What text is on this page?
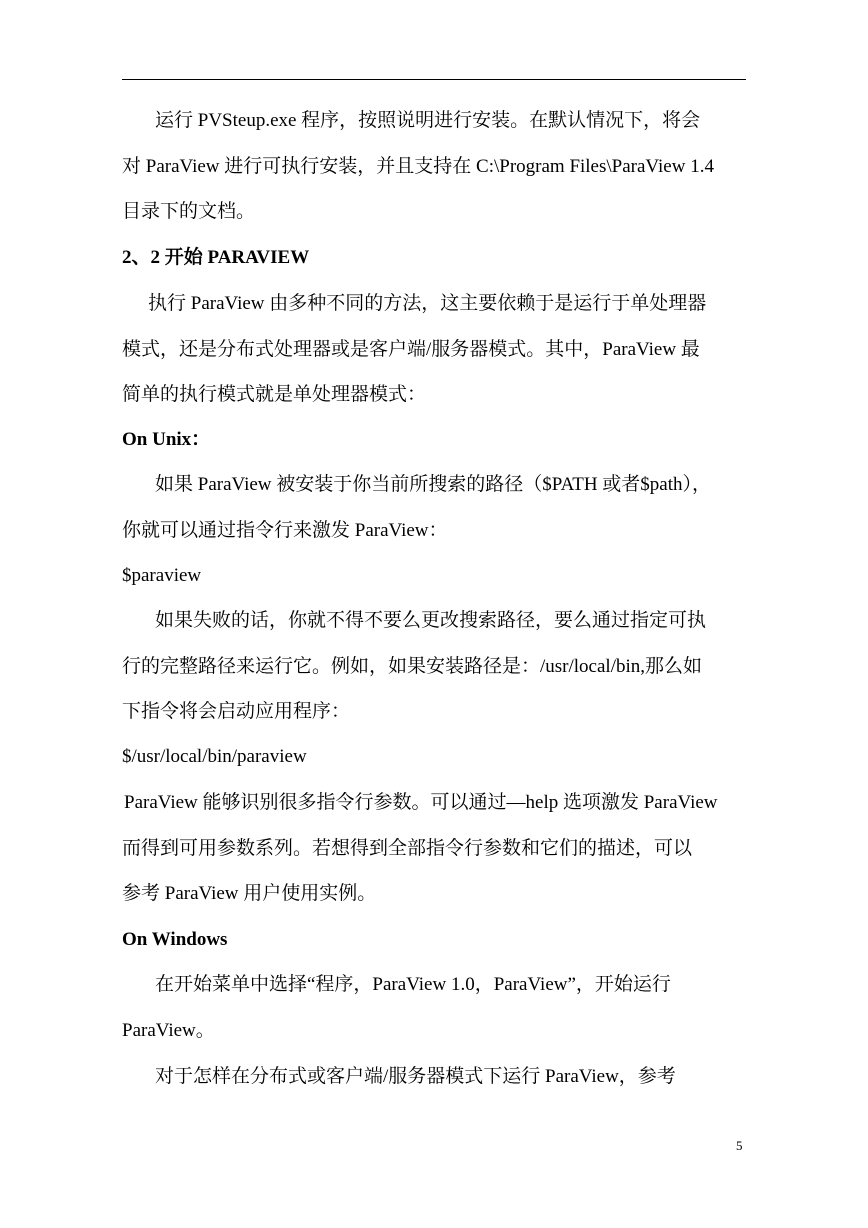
运行 PVSteup.exe 程序，按照说明进行安装。在默认情况下，将会
对 ParaView 进行可执行安装，并且支持在 C:\Program Files\ParaView 1.4
目录下的文档。
2、2 开始 PARAVIEW
执行 ParaView 由多种不同的方法，这主要依赖于是运行于单处理器
模式，还是分布式处理器或是客户端/服务器模式。其中，ParaView 最
简单的执行模式就是单处理器模式：
On Unix：
如果 ParaView 被安装于你当前所搜索的路径（$PATH 或者$path），
你就可以通过指令行来激发 ParaView：
$paraview
如果失败的话，你就不得不要么更改搜索路径，要么通过指定可执
行的完整路径来运行它。例如，如果安装路径是：/usr/local/bin,那么如
下指令将会启动应用程序：
$/usr/local/bin/paraview
ParaView 能够识别很多指令行参数。可以通过—help 选项激发 ParaView
而得到可用参数系列。若想得到全部指令行参数和它们的描述，可以
参考 ParaView 用户使用实例。
On Windows
在开始菜单中选择“程序，ParaView 1.0，ParaView”，开始运行
ParaView。
对于怎样在分布式或客户端/服务器模式下运行 ParaView，参考
5
